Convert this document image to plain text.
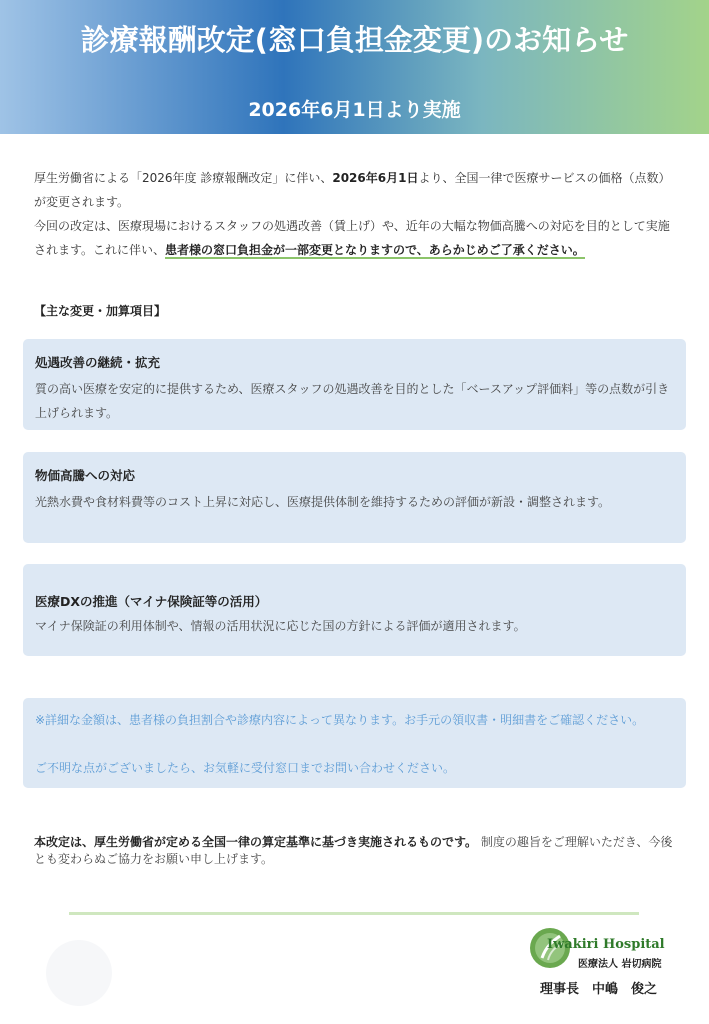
診療報酬改定(窓口負担金変更)のお知らせ
2026年6月1日より実施
厚生労働省による「2026年度 診療報酬改定」に伴い、2026年6月1日より、全国一律で医療サービスの価格（点数）が変更されます。
今回の改定は、医療現場におけるスタッフの処遇改善（賃上げ）や、近年の大幅な物価高騰への対応を目的として実施されます。これに伴い、患者様の窓口負担金が一部変更となりますので、あらかじめご了承ください。
【主な変更・加算項目】
処遇改善の継続・拡充
質の高い医療を安定的に提供するため、医療スタッフの処遇改善を目的とした「ベースアップ評価料」等の点数が引き上げられます。
物価高騰への対応
光熱水費や食材料費等のコスト上昇に対応し、医療提供体制を維持するための評価が新設・調整されます。
医療DXの推進（マイナ保険証等の活用）
マイナ保険証の利用体制や、情報の活用状況に応じた国の方針による評価が適用されます。

※詳細な金額は、患者様の負担割合や診療内容によって異なります。お手元の領収書・明細書をご確認ください。

ご不明な点がございましたら、お気軽に受付窓口までお問い合わせください。

本改定は、厚生労働省が定める全国一律の算定基準に基づき実施されるものです。 制度の趣旨をご理解いただき、今後とも変わらぬご協力をお願い申し上げます。
Iwakiri Hospital
医療法人 岩切病院
理事長　中嶋　俊之
